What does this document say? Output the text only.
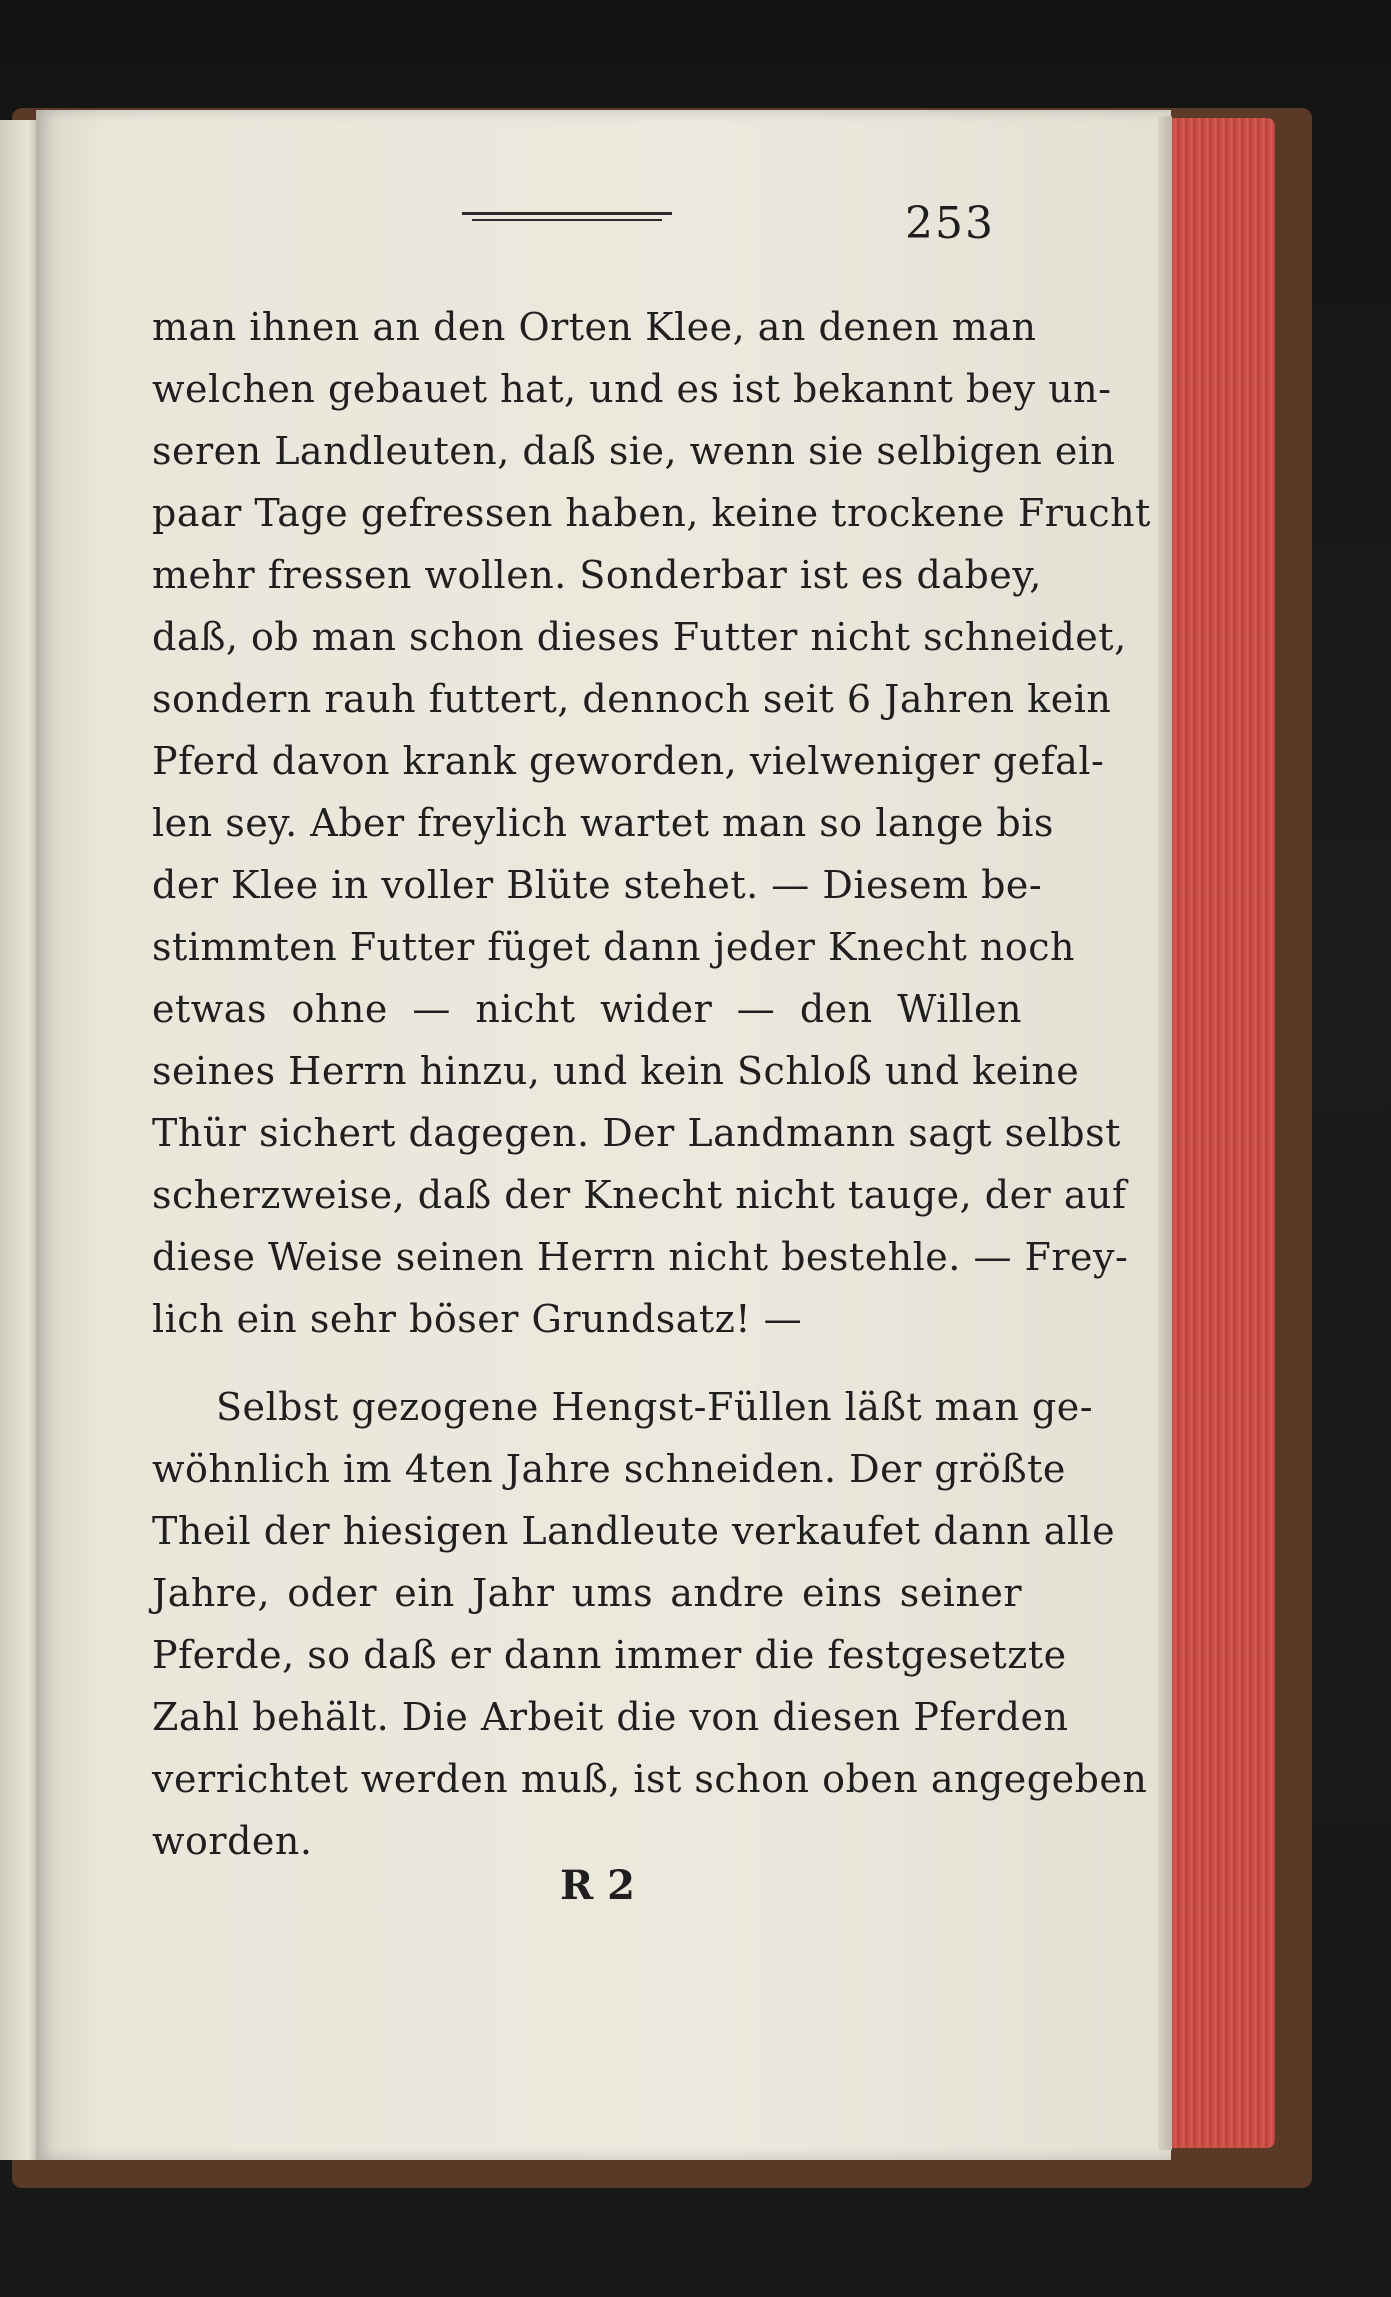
253
man ihnen an den Orten Klee, an denen man
welchen gebauet hat, und es ist bekannt bey un-
seren Landleuten, daß sie, wenn sie selbigen ein
paar Tage gefressen haben, keine trockene Frucht
mehr fressen wollen. Sonderbar ist es dabey,
daß, ob man schon dieses Futter nicht schneidet,
sondern rauh futtert, dennoch seit 6 Jahren kein
Pferd davon krank geworden, vielweniger gefal-
len sey. Aber freylich wartet man so lange bis
der Klee in voller Blüte stehet. — Diesem be-
stimmten Futter füget dann jeder Knecht noch
etwas ohne — nicht wider — den Willen
seines Herrn hinzu, und kein Schloß und keine
Thür sichert dagegen. Der Landmann sagt selbst
scherzweise, daß der Knecht nicht tauge, der auf
diese Weise seinen Herrn nicht bestehle. — Frey-
lich ein sehr böser Grundsatz! —
Selbst gezogene Hengst-Füllen läßt man ge-
wöhnlich im 4ten Jahre schneiden. Der größte
Theil der hiesigen Landleute verkaufet dann alle
Jahre, oder ein Jahr ums andre eins seiner
Pferde, so daß er dann immer die festgesetzte
Zahl behält. Die Arbeit die von diesen Pferden
verrichtet werden muß, ist schon oben angegeben
worden.
R 2
